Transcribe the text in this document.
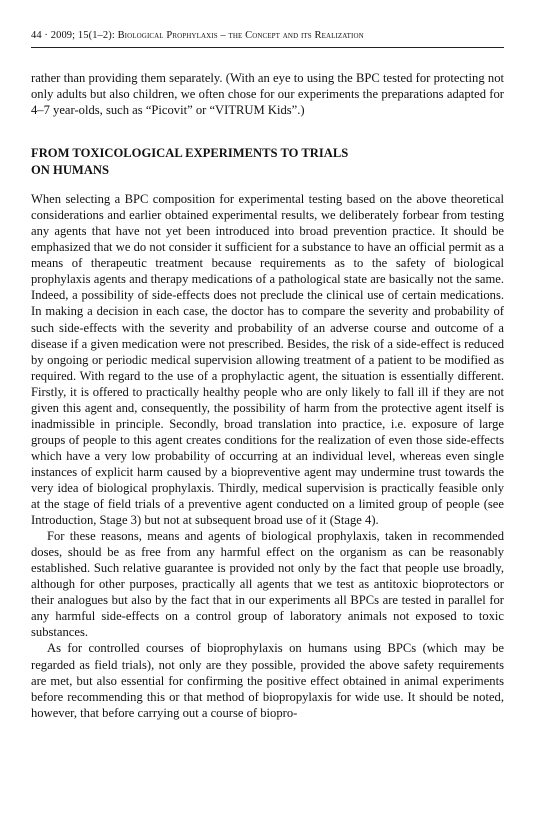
44 · 2009; 15(1–2): Biological Prophylaxis – the Concept and its Realization

rather than providing them separately. (With an eye to using the BPC tested for protecting not only adults but also children, we often chose for our experiments the preparations adapted for 4–7 year-olds, such as “Picovit” or “VITRUM Kids”.)

FROM TOXICOLOGICAL EXPERIMENTS TO TRIALS
ON HUMANS

When selecting a BPC composition for experimental testing based on the above theoretical considerations and earlier obtained experimental results, we deliberately forbear from testing any agents that have not yet been introduced into broad prevention practice. It should be emphasized that we do not consider it sufficient for a substance to have an official permit as a means of therapeutic treatment because requirements as to the safety of biological prophylaxis agents and therapy medications of a pathological state are basically not the same. Indeed, a possibility of side-effects does not preclude the clinical use of certain medications. In making a decision in each case, the doctor has to compare the severity and probability of such side-effects with the severity and probability of an adverse course and outcome of a disease if a given medication were not prescribed. Besides, the risk of a side-effect is reduced by ongoing or periodic medical supervision allowing treatment of a patient to be modified as required. With regard to the use of a prophylactic agent, the situation is essentially different. Firstly, it is offered to practically healthy people who are only likely to fall ill if they are not given this agent and, consequently, the possibility of harm from the protective agent itself is inadmissible in principle. Secondly, broad translation into practice, i.e. exposure of large groups of people to this agent creates conditions for the realization of even those side-effects which have a very low probability of occurring at an individual level, whereas even single instances of explicit harm caused by a biopreventive agent may undermine trust towards the very idea of biological prophylaxis. Thirdly, medical supervision is practically feasible only at the stage of field trials of a preventive agent conducted on a limited group of people (see Introduction, Stage 3) but not at subsequent broad use of it (Stage 4).

For these reasons, means and agents of biological prophylaxis, taken in recommended doses, should be as free from any harmful effect on the organism as can be reasonably established. Such relative guarantee is provided not only by the fact that people use broadly, although for other purposes, practically all agents that we test as antitoxic bioprotectors or their analogues but also by the fact that in our experiments all BPCs are tested in parallel for any harmful side-effects on a control group of laboratory animals not exposed to toxic substances.

As for controlled courses of bioprophylaxis on humans using BPCs (which may be regarded as field trials), not only are they possible, provided the above safety requirements are met, but also essential for confirming the positive effect obtained in animal experiments before recommending this or that method of biopropylaxis for wide use. It should be noted, however, that before carrying out a course of biopro-
